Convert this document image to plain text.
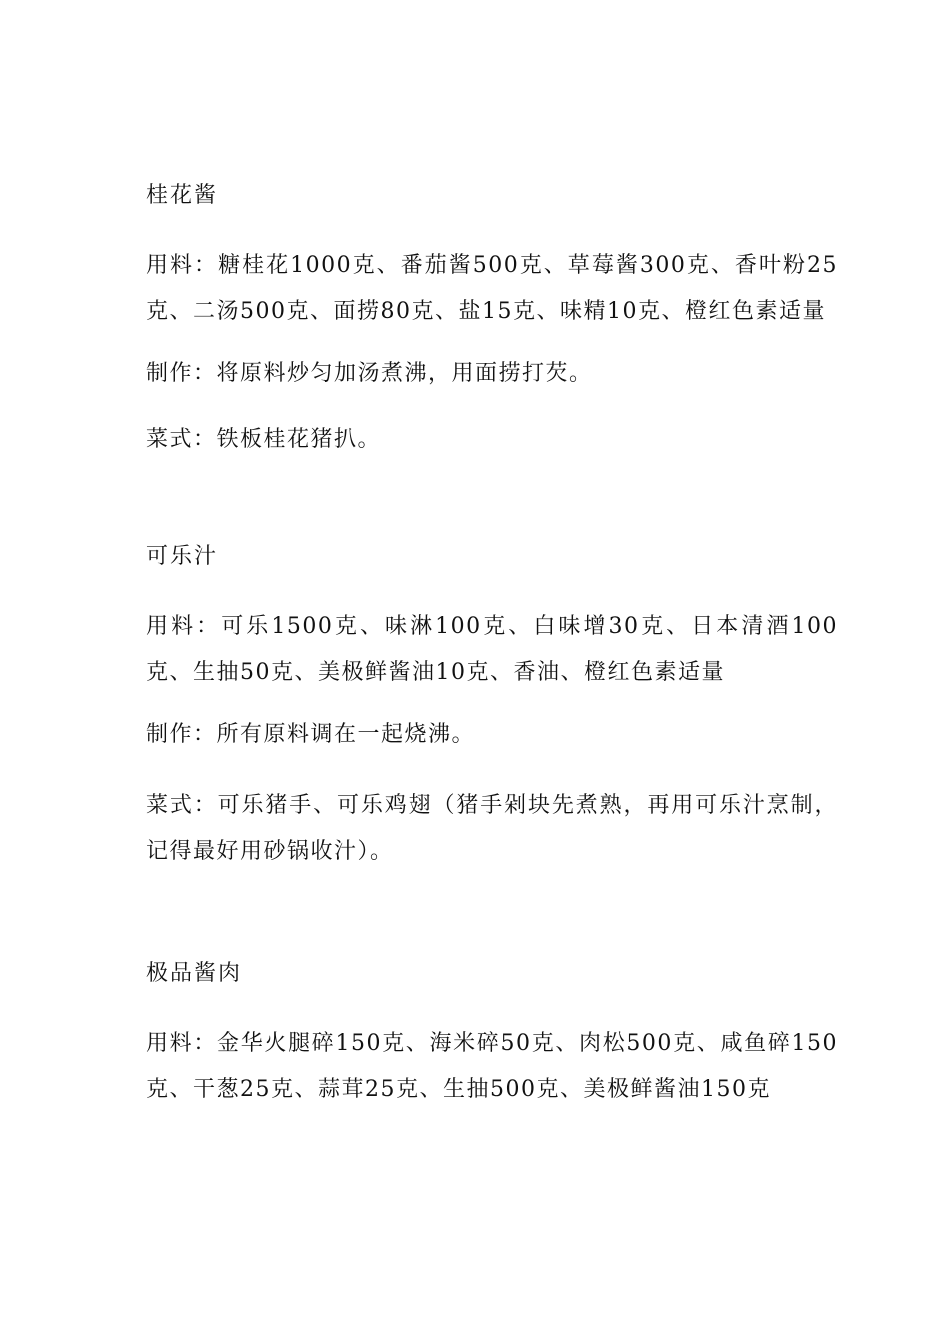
桂花酱
用料：糖桂花1000克、番茄酱500克、草莓酱300克、香叶粉25克、二汤500克、面捞80克、盐15克、味精10克、橙红色素适量
制作：将原料炒匀加汤煮沸，用面捞打芡。
菜式：铁板桂花猪扒。
可乐汁
用料：可乐1500克、味淋100克、白味增30克、日本清酒100克、生抽50克、美极鲜酱油10克、香油、橙红色素适量
制作：所有原料调在一起烧沸。
菜式：可乐猪手、可乐鸡翅（猪手剁块先煮熟，再用可乐汁烹制，记得最好用砂锅收汁）。
极品酱肉
用料：金华火腿碎150克、海米碎50克、肉松500克、咸鱼碎150克、干葱25克、蒜茸25克、生抽500克、美极鲜酱油150克
